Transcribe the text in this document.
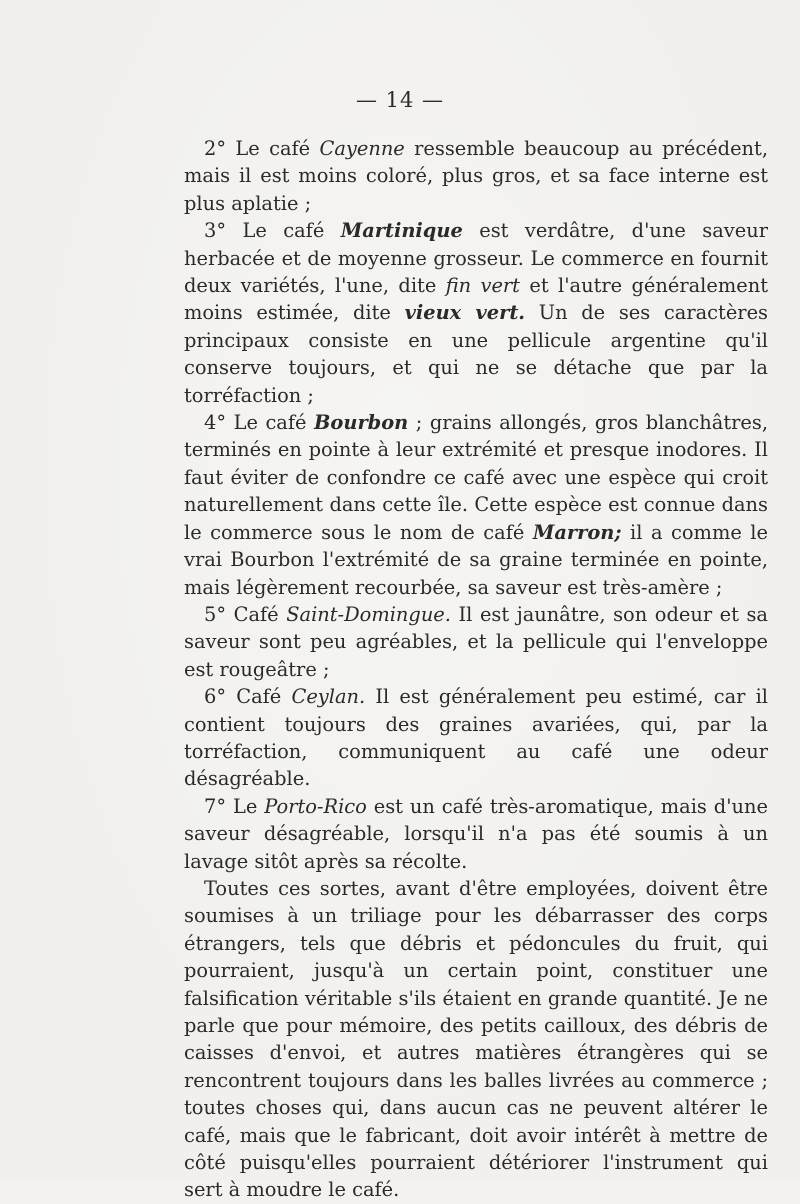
— 14 —

2° Le café Cayenne ressemble beaucoup au précédent, mais il est moins coloré, plus gros, et sa face interne est plus aplatie ;

3° Le café Martinique est verdâtre, d'une saveur herbacée et de moyenne grosseur. Le commerce en fournit deux variétés, l'une, dite fin vert et l'autre généralement moins estimée, dite vieux vert. Un de ses caractères principaux consiste en une pellicule argentine qu'il conserve toujours, et qui ne se détache que par la torréfaction ;

4° Le café Bourbon ; grains allongés, gros blanchâtres, terminés en pointe à leur extrémité et presque inodores. Il faut éviter de confondre ce café avec une espèce qui croit naturellement dans cette île. Cette espèce est connue dans le commerce sous le nom de café Marron; il a comme le vrai Bourbon l'extrémité de sa graine terminée en pointe, mais légèrement recourbée, sa saveur est très-amère ;

5° Café Saint-Domingue. Il est jaunâtre, son odeur et sa saveur sont peu agréables, et la pellicule qui l'enveloppe est rougeâtre ;

6° Café Ceylan. Il est généralement peu estimé, car il contient toujours des graines avariées, qui, par la torréfaction, communiquent au café une odeur désagréable.

7° Le Porto-Rico est un café très-aromatique, mais d'une saveur désagréable, lorsqu'il n'a pas été soumis à un lavage sitôt après sa récolte.

Toutes ces sortes, avant d'être employées, doivent être soumises à un triliage pour les débarrasser des corps étrangers, tels que débris et pédoncules du fruit, qui pourraient, jusqu'à un certain point, constituer une falsification véritable s'ils étaient en grande quantité. Je ne parle que pour mémoire, des petits cailloux, des débris de caisses d'envoi, et autres matières étrangères qui se rencontrent toujours dans les balles livrées au commerce ; toutes choses qui, dans aucun cas ne peuvent altérer le café, mais que le fabricant, doit avoir intérêt à mettre de côté puisqu'elles pourraient détériorer l'instrument qui sert à moudre le café.
